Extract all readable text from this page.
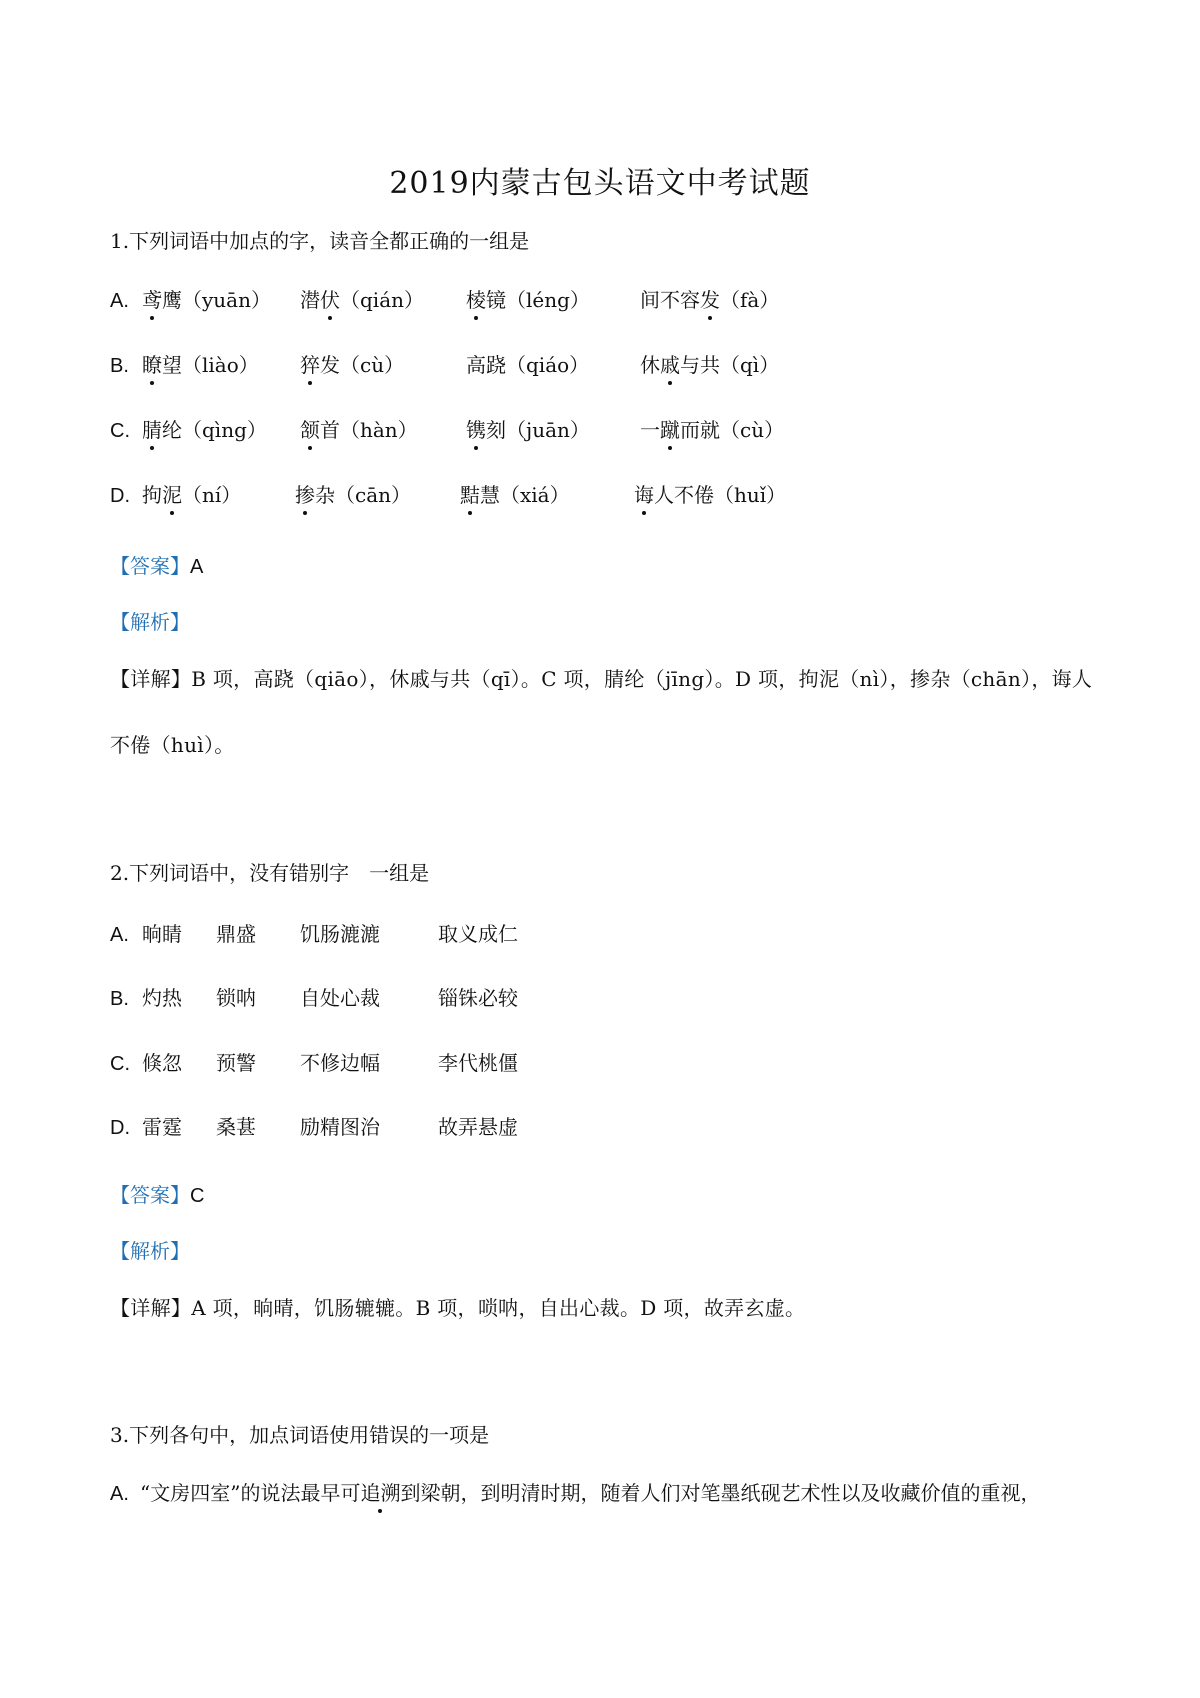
2019内蒙古包头语文中考试题
1.下列词语中加点的字，读音全都正确的一组是
A. 鸢鹰（yuān） 潜伏（qián） 棱镜（léng）	间不容发（fà）
B. 瞭望（liào） 猝发（cù）	高跷（qiáo）	休戚与共（qì）
C. 腈纶（qìng） 颔首（hàn） 镌刻（juān）	一蹴而就（cù）
D. 拘泥（ní）	掺杂（cān） 黠慧（xiá）	诲人不倦（huǐ）
【答案】A
【解析】
【详解】B 项，高跷（qiāo），休戚与共（qī）。C 项，腈纶（jīng）。D 项，拘泥（nì），掺杂（chān），诲人
不倦（huì）。
2.下列词语中，没有错别字　一组是
A. 晌睛 鼎盛 饥肠漉漉	取义成仁
B. 灼热 锁呐 自处心裁	锱铢必较
C. 倏忽 预警 不修边幅	李代桃僵
D. 雷霆 桑葚 励精图治	故弄悬虚
【答案】C
【解析】
【详解】A 项，晌晴，饥肠辘辘。B 项，唢呐，自出心裁。D 项，故弄玄虚。
3.下列各句中，加点词语使用错误的一项是
A. “文房四室”的说法最早可追溯到梁朝，到明清时期，随着人们对笔墨纸砚艺术性以及收藏价值的重视，
